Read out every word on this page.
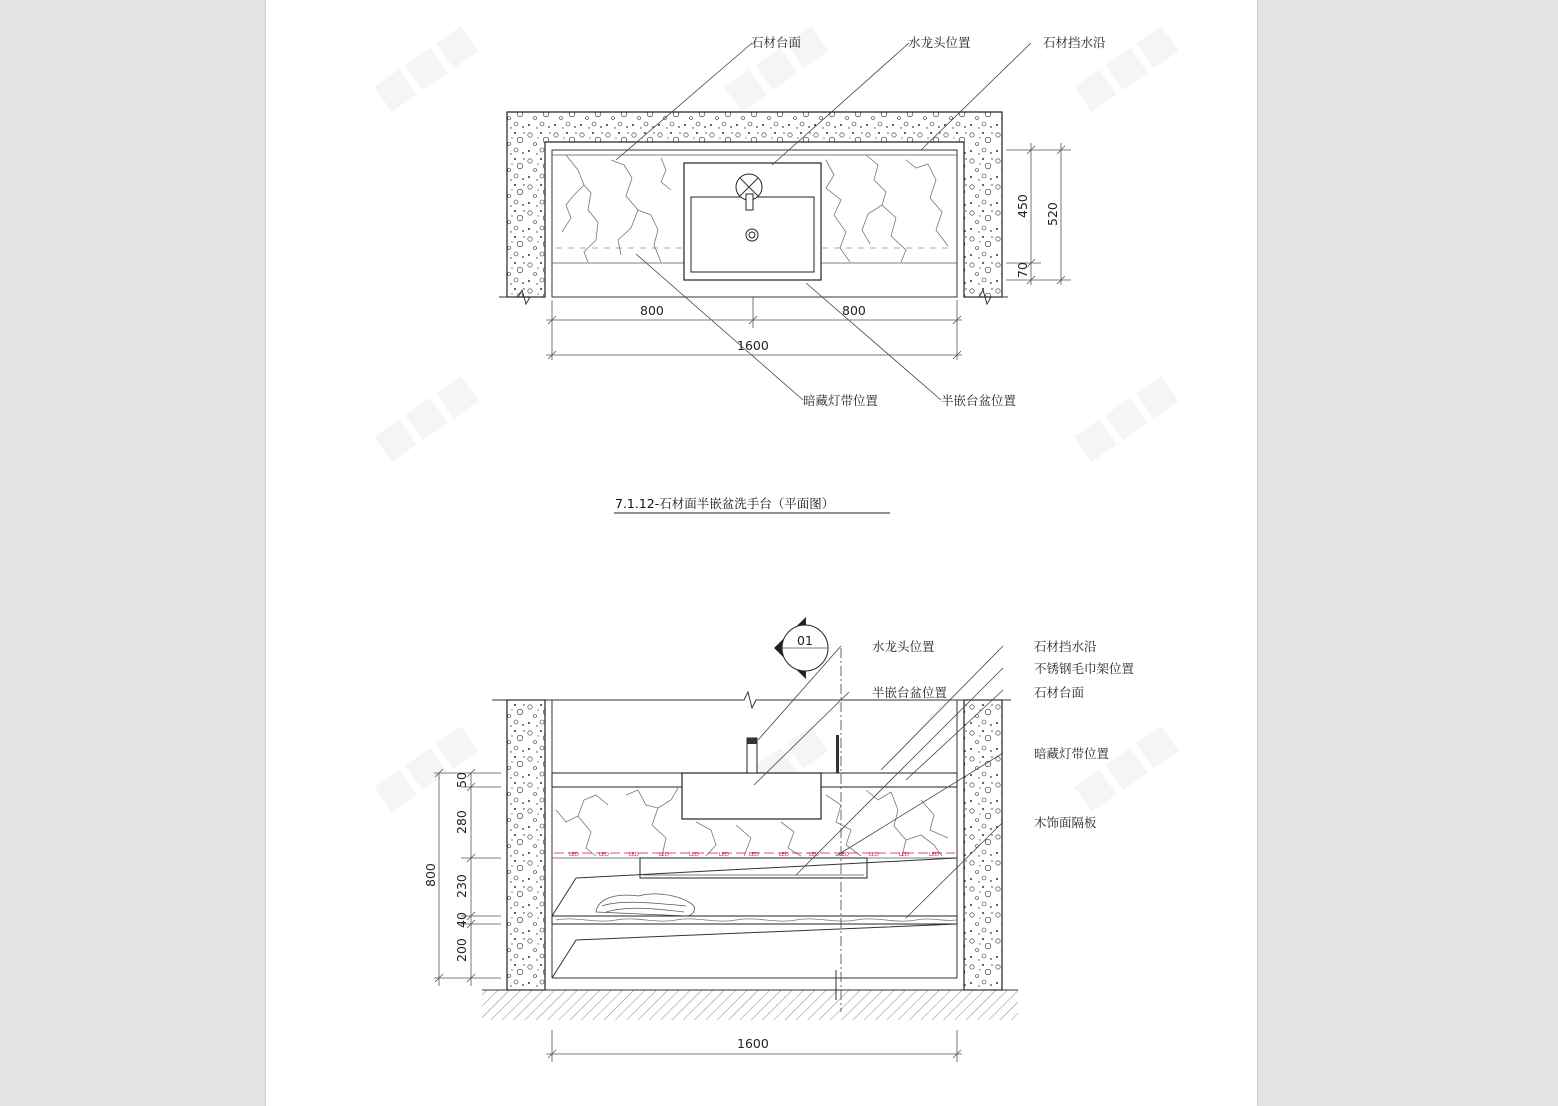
石材台面	水龙头位置	石材挡水沿
暗藏灯带位置	半嵌台盆位置
800	800
1600
450 520
70
7.1.12-石材面半嵌盆洗手台（平面图）
LED	LED	LED	LED	LED	LED	LED	LED	LED	LED	LED	LED	LED
01	水龙头位置
半嵌台盆位置
石材挡水沿
不锈钢毛巾架位置
石材台面
暗藏灯带位置
木饰面隔板
800
50
280
230
40
200
1600
